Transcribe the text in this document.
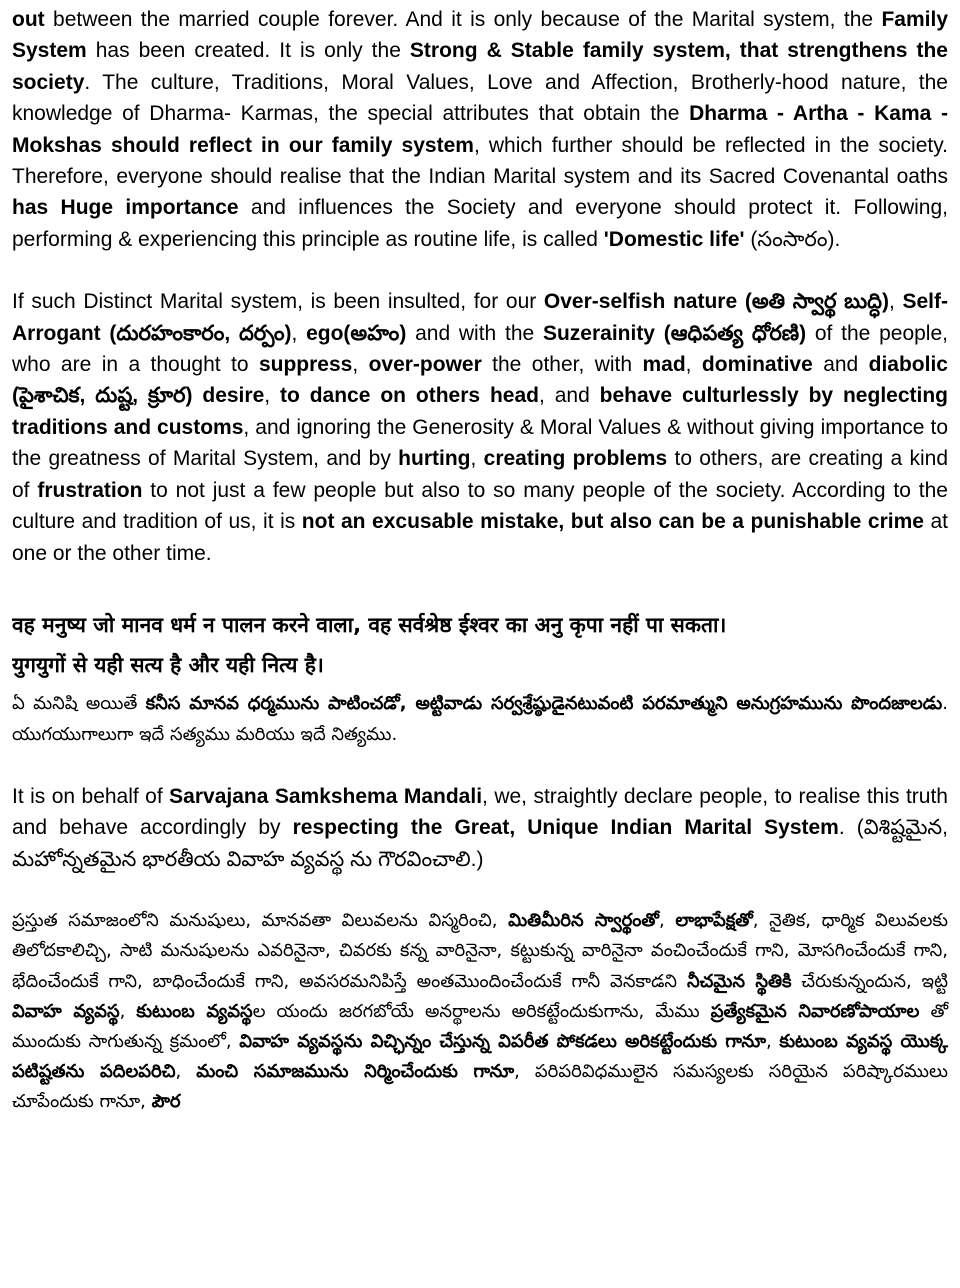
out between the married couple forever. And it is only because of the Marital system, the Family System has been created. It is only the Strong & Stable family system, that strengthens the society. The culture, Traditions, Moral Values, Love and Affection, Brotherly-hood nature, the knowledge of Dharma- Karmas, the special attributes that obtain the Dharma - Artha - Kama - Mokshas should reflect in our family system, which further should be reflected in the society. Therefore, everyone should realise that the Indian Marital system and its Sacred Covenantal oaths has Huge importance and influences the Society and everyone should protect it. Following, performing & experiencing this principle as routine life, is called 'Domestic life' (సంసారం).

If such Distinct Marital system, is been insulted, for our Over-selfish nature (అతి స్వార్థ బుద్ధి), Self-Arrogant (దురహంకారం, దర్పం), ego(అహం) and with the Suzerainity (ఆధిపత్య ధోరణి) of the people, who are in a thought to suppress, over-power the other, with mad, dominative and diabolic (పైశాచిక, దుష్ట, క్రూర) desire, to dance on others head, and behave culturlessly by neglecting traditions and customs, and ignoring the Generosity & Moral Values & without giving importance to the greatness of Marital System, and by hurting, creating problems to others, are creating a kind of frustration to not just a few people but also to so many people of the society. According to the culture and tradition of us, it is not an excusable mistake, but also can be a punishable crime at one or the other time.

वह मनुष्य जो मानव धर्म न पालन करने वाला, वह सर्वश्रेष्ठ ईश्वर का अनु कृपा नहीं पा सकता।
युगयुगों से यही सत्य है और यही नित्य है।

ఏ మనిషి అయితే కనీస మానవ ధర్మమును పాటించడో, అట్టివాడు సర్వశ్రేష్ఠుడైనటువంటి పరమాత్ముని అనుగ్రహమును పొందజాలడు. యుగయుగాలుగా ఇదే సత్యము మరియు ఇదే నిత్యము.

It is on behalf of Sarvajana Samkshema Mandali, we, straightly declare people, to realise this truth and behave accordingly by respecting the Great, Unique Indian Marital System. (విశిష్టమైన, మహోన్నతమైన భారతీయ వివాహ వ్యవస్థ ను గౌరవించాలి.)

ప్రస్తుత సమాజంలోని మనుషులు, మానవతా విలువలను విస్మరించి, మితిమీరిన స్వార్థంతో, లాభాపేక్షతో, నైతిక, ధార్మిక విలువలకు తిలోదకాలిచ్చి, సాటి మనుషులను ఎవరినైనా, చివరకు కన్న వారినైనా, కట్టుకున్న వారినైనా వంచించేందుకే గాని, మోసగించేందుకే గాని, భేదించేందుకే గాని, బాధించేందుకే గాని, అవసరమనిపిస్తే అంతమొందించేందుకే గానీ వెనకాడని నీచమైన స్థితికి చేరుకున్నందున, ఇట్టి వివాహ వ్యవస్థ, కుటుంబ వ్యవస్థల యందు జరగబోయే అనర్థాలను అరికట్టేందుకుగాను, మేము ప్రత్యేకమైన నివారణోపాయాల తో ముందుకు సాగుతున్న క్రమంలో, వివాహ వ్యవస్థను విచ్ఛిన్నం చేస్తున్న విపరీత పోకడలు అరికట్టేందుకు గానూ, కుటుంబ వ్యవస్థ యొక్క పటిష్టతను పదిలపరిచి, మంచి సమాజమును నిర్మించేందుకు గానూ, పరిపరివిధములైన సమస్యలకు సరియైన పరిష్కారములు చూపేందుకు గానూ, పౌర
